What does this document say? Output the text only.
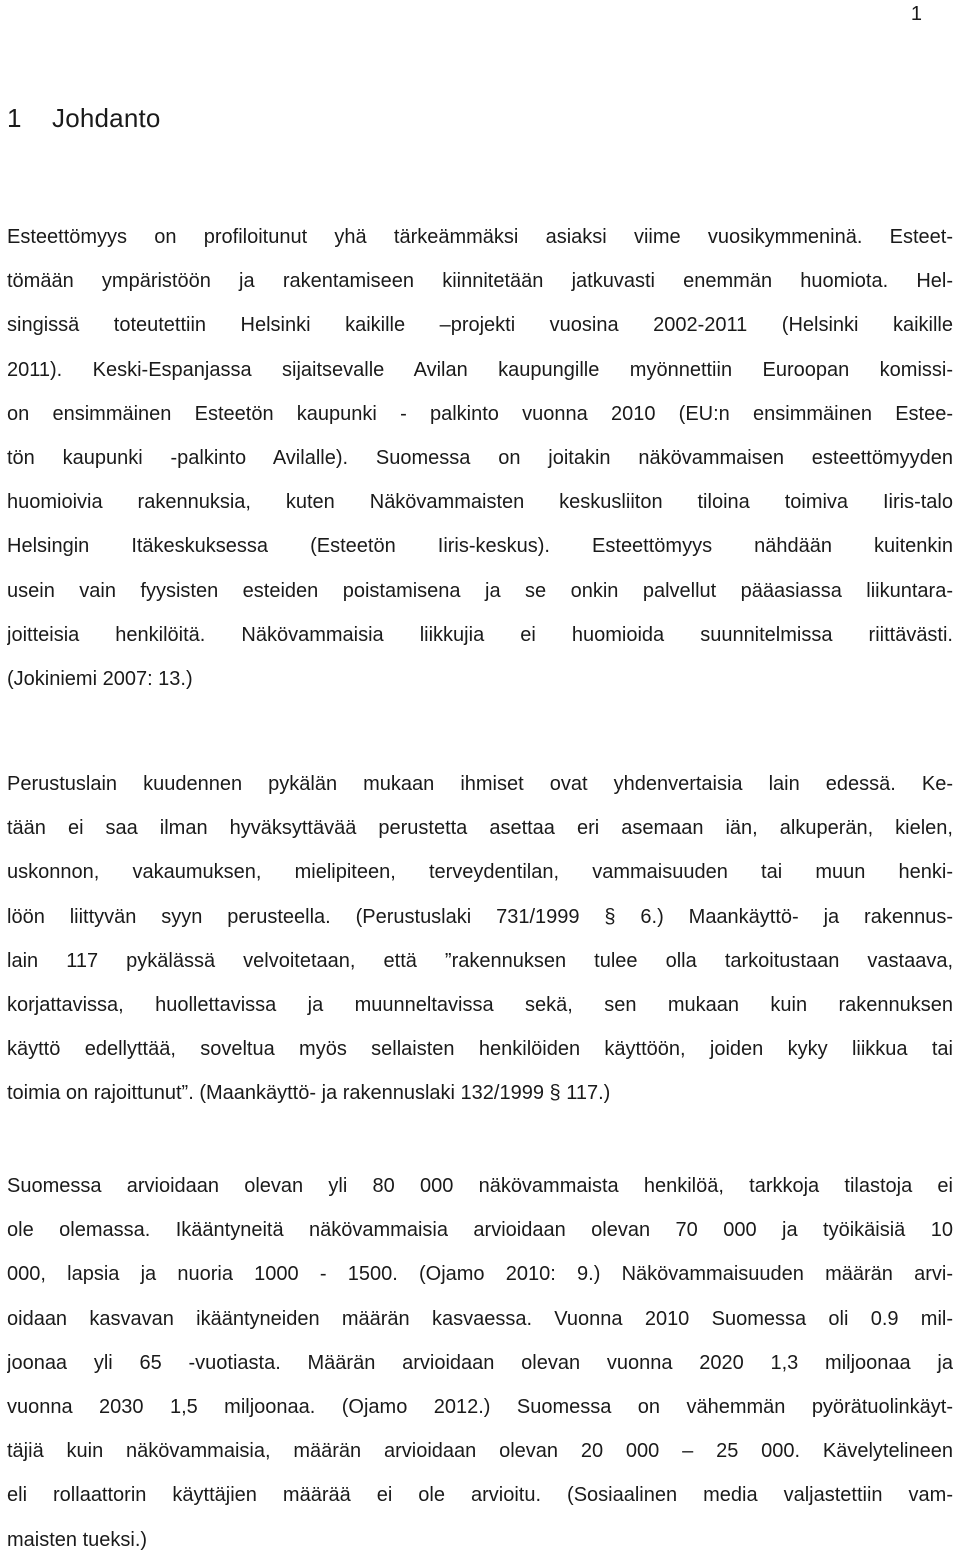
1
1 Johdanto
Esteettömyys on profiloitunut yhä tärkeämmäksi asiaksi viime vuosikymmeninä. Esteet-
tömään ympäristöön ja rakentamiseen kiinnitetään jatkuvasti enemmän huomiota. Hel-
singissä toteutettiin Helsinki kaikille –projekti vuosina 2002-2011 (Helsinki kaikille
2011). Keski-Espanjassa sijaitsevalle Avilan kaupungille myönnettiin Euroopan komissi-
on ensimmäinen Esteetön kaupunki - palkinto vuonna 2010 (EU:n ensimmäinen Estee-
tön kaupunki -palkinto Avilalle). Suomessa on joitakin näkövammaisen esteettömyyden
huomioivia rakennuksia, kuten Näkövammaisten keskusliiton tiloina toimiva Iiris-talo
Helsingin Itäkeskuksessa (Esteetön Iiris-keskus). Esteettömyys nähdään kuitenkin
usein vain fyysisten esteiden poistamisena ja se onkin palvellut pääasiassa liikuntara-
joitteisia henkilöitä. Näkövammaisia liikkujia ei huomioida suunnitelmissa riittävästi.
(Jokiniemi 2007: 13.)
Perustuslain kuudennen pykälän mukaan ihmiset ovat yhdenvertaisia lain edessä. Ke-
tään ei saa ilman hyväksyttävää perustetta asettaa eri asemaan iän, alkuperän, kielen,
uskonnon, vakaumuksen, mielipiteen, terveydentilan, vammaisuuden tai muun henki-
löön liittyvän syyn perusteella. (Perustuslaki 731/1999 § 6.) Maankäyttö- ja rakennus-
lain 117 pykälässä velvoitetaan, että ”rakennuksen tulee olla tarkoitustaan vastaava,
korjattavissa, huollettavissa ja muunneltavissa sekä, sen mukaan kuin rakennuksen
käyttö edellyttää, soveltua myös sellaisten henkilöiden käyttöön, joiden kyky liikkua tai
toimia on rajoittunut”. (Maankäyttö- ja rakennuslaki 132/1999 § 117.)
Suomessa arvioidaan olevan yli 80 000 näkövammaista henkilöä, tarkkoja tilastoja ei
ole olemassa. Ikääntyneitä näkövammaisia arvioidaan olevan 70 000 ja työikäisiä 10
000, lapsia ja nuoria 1000 - 1500. (Ojamo 2010: 9.) Näkövammaisuuden määrän arvi-
oidaan kasvavan ikääntyneiden määrän kasvaessa. Vuonna 2010 Suomessa oli 0.9 mil-
joonaa yli 65 -vuotiasta. Määrän arvioidaan olevan vuonna 2020 1,3 miljoonaa ja
vuonna 2030 1,5 miljoonaa. (Ojamo 2012.) Suomessa on vähemmän pyörätuolinkäyt-
täjiä kuin näkövammaisia, määrän arvioidaan olevan 20 000 – 25 000. Kävelytelineen
eli rollaattorin käyttäjien määrää ei ole arvioitu. (Sosiaalinen media valjastettiin vam-
maisten tueksi.)
